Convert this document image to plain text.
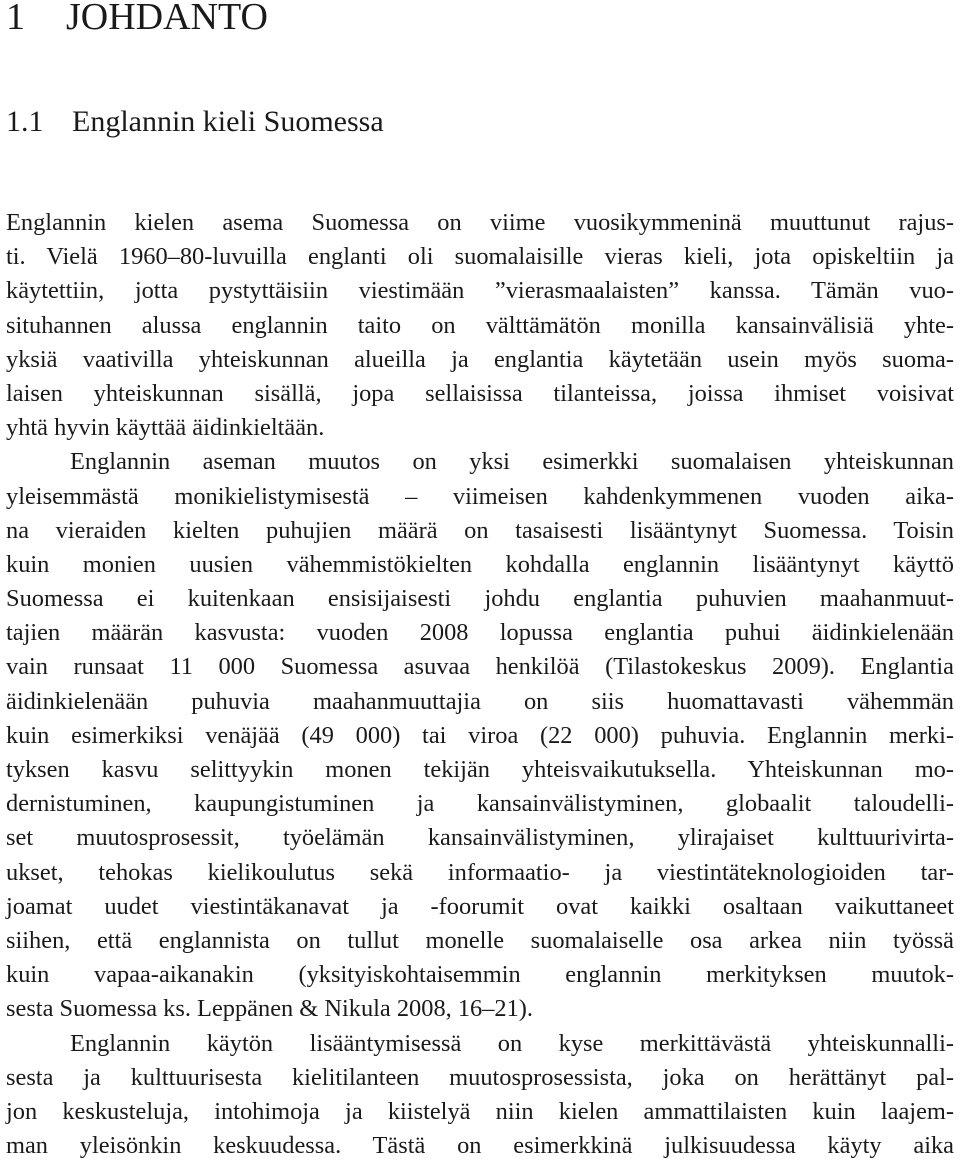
1 JOHDANTO
1.1 Englannin kieli Suomessa
Englannin kielen asema Suomessa on viime vuosikymmeninä muuttunut rajus-
ti. Vielä 1960–80-luvuilla englanti oli suomalaisille vieras kieli, jota opiskeltiin ja
käytettiin, jotta pystyttäisiin viestimään ”vierasmaalaisten” kanssa. Tämän vuo-
situhannen alussa englannin taito on välttämätön monilla kansainvälisiä yhte-
yksiä vaativilla yhteiskunnan alueilla ja englantia käytetään usein myös suoma-
laisen yhteiskunnan sisällä, jopa sellaisissa tilanteissa, joissa ihmiset voisivat
yhtä hyvin käyttää äidinkieltään.
Englannin aseman muutos on yksi esimerkki suomalaisen yhteiskunnan
yleisemmästä monikielistymisestä – viimeisen kahdenkymmenen vuoden aika-
na vieraiden kielten puhujien määrä on tasaisesti lisääntynyt Suomessa. Toisin
kuin monien uusien vähemmistökielten kohdalla englannin lisääntynyt käyttö
Suomessa ei kuitenkaan ensisijaisesti johdu englantia puhuvien maahanmuut-
tajien määrän kasvusta: vuoden 2008 lopussa englantia puhui äidinkielenään
vain runsaat 11 000 Suomessa asuvaa henkilöä (Tilastokeskus 2009). Englantia
äidinkielenään puhuvia maahanmuuttajia on siis huomattavasti vähemmän
kuin esimerkiksi venäjää (49 000) tai viroa (22 000) puhuvia. Englannin merki-
tyksen kasvu selittyykin monen tekijän yhteisvaikutuksella. Yhteiskunnan mo-
dernistuminen, kaupungistuminen ja kansainvälistyminen, globaalit taloudelli-
set muutosprosessit, työelämän kansainvälistyminen, ylirajaiset kulttuurivirta-
ukset, tehokas kielikoulutus sekä informaatio- ja viestintäteknologioiden tar-
joamat uudet viestintäkanavat ja -foorumit ovat kaikki osaltaan vaikuttaneet
siihen, että englannista on tullut monelle suomalaiselle osa arkea niin työssä
kuin vapaa-aikanakin (yksityiskohtaisemmin englannin merkityksen muutok-
sesta Suomessa ks. Leppänen & Nikula 2008, 16–21).
Englannin käytön lisääntymisessä on kyse merkittävästä yhteiskunnalli-
sesta ja kulttuurisesta kielitilanteen muutosprosessista, joka on herättänyt pal-
jon keskusteluja, intohimoja ja kiistelyä niin kielen ammattilaisten kuin laajem-
man yleisönkin keskuudessa. Tästä on esimerkkinä julkisuudessa käyty aika
